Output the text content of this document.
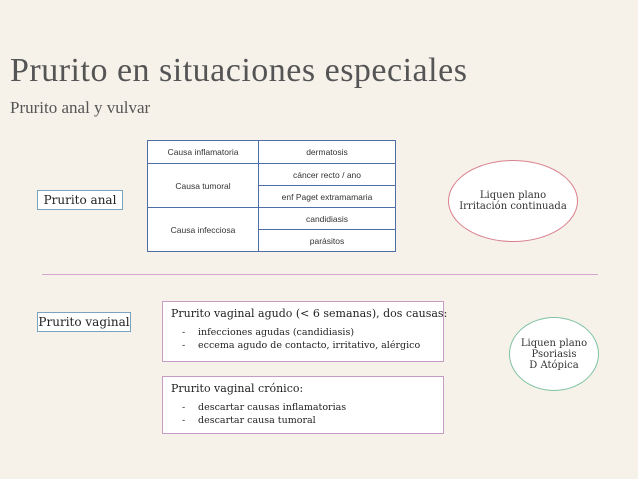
Prurito en situaciones especiales
Prurito anal y vulvar
Prurito anal
Causa inflamatoria	dermatosis
Causa tumoral	cáncer recto / ano
	enf Paget extramamaria
Causa infecciosa	candidiasis
	parásitos
Liquen plano
Irritación continuada
Prurito vaginal
Prurito vaginal agudo (< 6 semanas), dos causas:
- infecciones agudas (candidiasis)
- eccema agudo de contacto, irritativo, alérgico
Prurito vaginal crónico:
- descartar causas inflamatorias
- descartar causa tumoral
Liquen plano
Psoriasis
D Atópica
